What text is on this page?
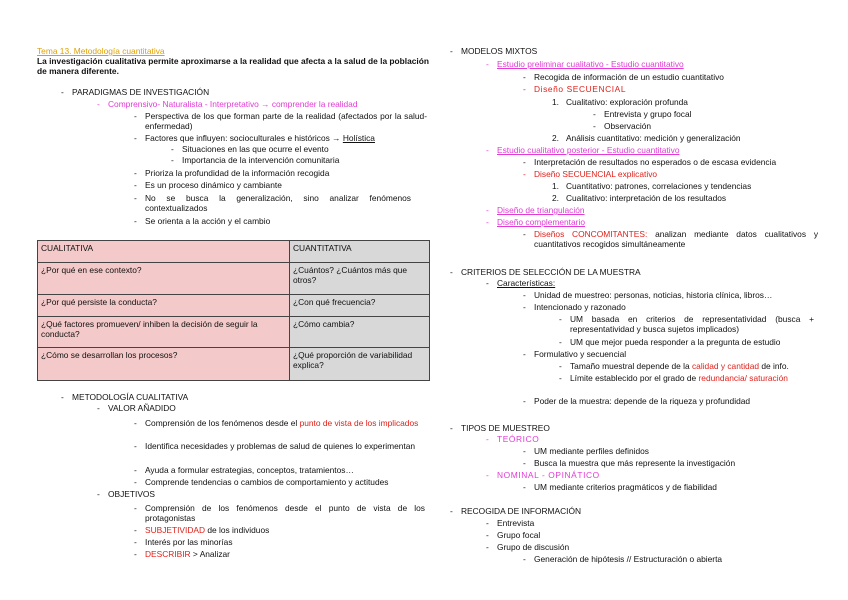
Tema 13. Metodología cuantitativa
La investigación cualitativa permite aproximarse a la realidad que afecta a la salud de la población de manera diferente.
- PARADIGMAS DE INVESTIGACIÓN
- Comprensivo- Naturalista - Interpretativo → comprender la realidad
- Perspectiva de los que forman parte de la realidad (afectados por la salud-enfermedad)
- Factores que influyen: socioculturales e históricos → Holística
- Situaciones en las que ocurre el evento
- Importancia de la intervención comunitaria
- Prioriza la profundidad de la información recogida
- Es un proceso dinámico y cambiante
- No se busca la generalización, sino analizar fenómenos contextualizados
- Se orienta a la acción y el cambio
CUALITATIVA	CUANTITATIVA
¿Por qué en ese contexto?	¿Cuántos? ¿Cuántos más que otros?
¿Por qué persiste la conducta?	¿Con qué frecuencia?
¿Qué factores promueven/ inhiben la decisión de seguir la conducta?	¿Cómo cambia?
¿Cómo se desarrollan los procesos?	¿Qué proporción de variabilidad explica?
- METODOLOGÍA CUALITATIVA
- VALOR AÑADIDO
- Comprensión de los fenómenos desde el punto de vista de los implicados
- Identifica necesidades y problemas de salud de quienes lo experimentan
- Ayuda a formular estrategias, conceptos, tratamientos…
- Comprende tendencias o cambios de comportamiento y actitudes
- OBJETIVOS
- Comprensión de los fenómenos desde el punto de vista de los protagonistas
- SUBJETIVIDAD de los individuos
- Interés por las minorías
- DESCRIBIR > Analizar
- MODELOS MIXTOS
- Estudio preliminar cualitativo - Estudio cuantitativo
- Recogida de información de un estudio cuantitativo
- Diseño SECUENCIAL
1.   Cualitativo: exploración profunda
- Entrevista y grupo focal
- Observación
2.   Análisis cuantitativo: medición y generalización
- Estudio cualitativo posterior - Estudio cuantitativo
- Interpretación de resultados no esperados o de escasa evidencia
- Diseño SECUENCIAL explicativo
1.   Cuantitativo: patrones, correlaciones y tendencias
2.   Cualitativo: interpretación de los resultados
- Diseño de triangulación
- Diseño complementario
- Diseños CONCOMITANTES: analizan mediante datos cualitativos y cuantitativos recogidos simultáneamente
- CRITERIOS DE SELECCIÓN DE LA MUESTRA
- Características:
- Unidad de muestreo: personas, noticias, historia clínica, libros…
- Intencionado y razonado
- UM basada en criterios de representatividad (busca + representatividad y busca sujetos implicados)
- UM que mejor pueda responder a la pregunta de estudio
- Formulativo y secuencial
- Tamaño muestral depende de la calidad y cantidad de info.
- Límite establecido por el grado de redundancia/ saturación
- Poder de la muestra: depende de la riqueza y profundidad
- TIPOS DE MUESTREO
- TEÓRICO
- UM mediante perfiles definidos
- Busca la muestra que más represente la investigación
- NOMINAL - OPINÁTICO
- UM mediante criterios pragmáticos y de fiabilidad
- RECOGIDA DE INFORMACIÓN
- Entrevista
- Grupo focal
- Grupo de discusión
- Generación de hipótesis // Estructuración o abierta
